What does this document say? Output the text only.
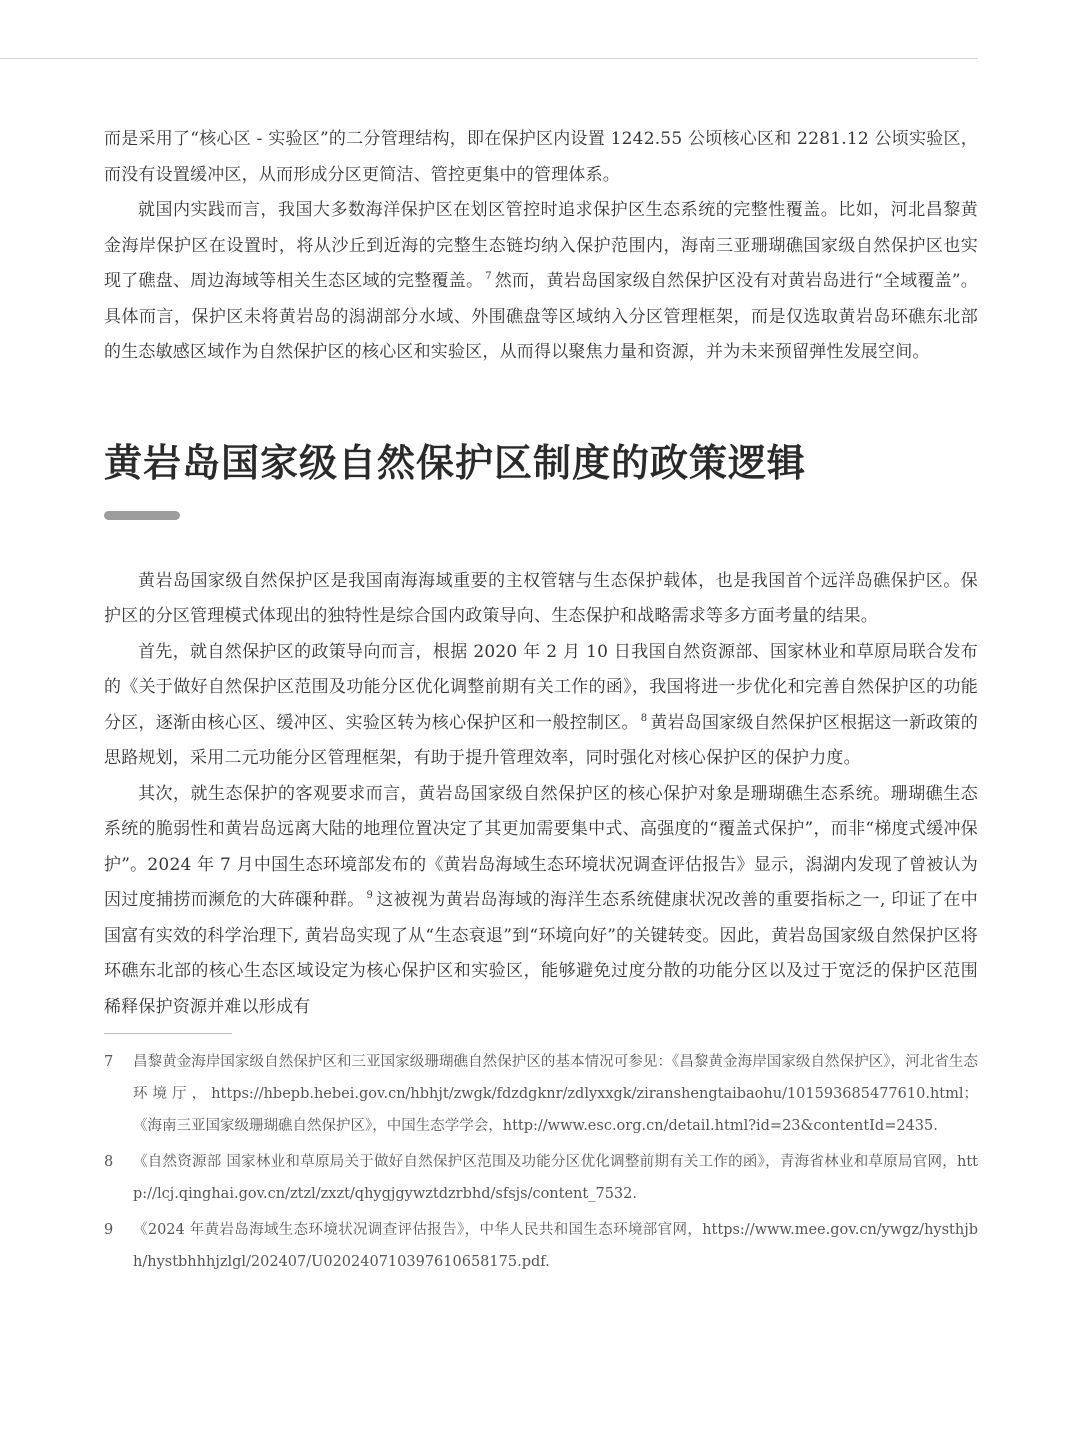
而是采用了“核心区 - 实验区”的二分管理结构，即在保护区内设置 1242.55 公顷核心区和 2281.12 公顷实验区，而没有设置缓冲区，从而形成分区更简洁、管控更集中的管理体系。

就国内实践而言，我国大多数海洋保护区在划区管控时追求保护区生态系统的完整性覆盖。比如，河北昌黎黄金海岸保护区在设置时，将从沙丘到近海的完整生态链均纳入保护范围内，海南三亚珊瑚礁国家级自然保护区也实现了礁盘、周边海域等相关生态区域的完整覆盖。 $^7$ 然而，黄岩岛国家级自然保护区没有对黄岩岛进行“全域覆盖”。具体而言，保护区未将黄岩岛的潟湖部分水域、外围礁盘等区域纳入分区管理框架，而是仅选取黄岩岛环礁东北部的生态敏感区域作为自然保护区的核心区和实验区，从而得以聚焦力量和资源，并为未来预留弹性发展空间。

黄岩岛国家级自然保护区制度的政策逻辑

黄岩岛国家级自然保护区是我国南海海域重要的主权管辖与生态保护载体，也是我国首个远洋岛礁保护区。保护区的分区管理模式体现出的独特性是综合国内政策导向、生态保护和战略需求等多方面考量的结果。

首先，就自然保护区的政策导向而言，根据 2020 年 2 月 10 日我国自然资源部、国家林业和草原局联合发布的《关于做好自然保护区范围及功能分区优化调整前期有关工作的函》，我国将进一步优化和完善自然保护区的功能分区，逐渐由核心区、缓冲区、实验区转为核心保护区和一般控制区。 $^8$ 黄岩岛国家级自然保护区根据这一新政策的思路规划，采用二元功能分区管理框架，有助于提升管理效率，同时强化对核心保护区的保护力度。

其次，就生态保护的客观要求而言，黄岩岛国家级自然保护区的核心保护对象是珊瑚礁生态系统。珊瑚礁生态系统的脆弱性和黄岩岛远离大陆的地理位置决定了其更加需要集中式、高强度的“覆盖式保护”，而非“梯度式缓冲保护”。2024 年 7 月中国生态环境部发布的《黄岩岛海域生态环境状况调查评估报告》显示，潟湖内发现了曾被认为因过度捕捞而濒危的大砗磲种群。 $^9$ 这被视为黄岩岛海域的海洋生态系统健康状况改善的重要指标之一, 印证了在中国富有实效的科学治理下, 黄岩岛实现了从“生态衰退”到“环境向好”的关键转变。因此，黄岩岛国家级自然保护区将环礁东北部的核心生态区域设定为核心保护区和实验区，能够避免过度分散的功能分区以及过于宽泛的保护区范围稀释保护资源并难以形成有

7	昌黎黄金海岸国家级自然保护区和三亚国家级珊瑚礁自然保护区的基本情况可参见：《昌黎黄金海岸国家级自然保护区》，河北省生态环境厅，https://hbepb.hebei.gov.cn/hbhjt/zwgk/fdzdgknr/zdlyxxgk/ziranshengtaibaohu/101593685477610.html；《海南三亚国家级珊瑚礁自然保护区》，中国生态学学会，http://www.esc.org.cn/detail.html?id=23&contentId=2435.
8	《自然资源部 国家林业和草原局关于做好自然保护区范围及功能分区优化调整前期有关工作的函》，青海省林业和草原局官网，http://lcj.qinghai.gov.cn/ztzl/zxzt/qhygjgywztdzrbhd/sfsjs/content_7532.
9	《2024 年黄岩岛海域生态环境状况调查评估报告》，中华人民共和国生态环境部官网，https://www.mee.gov.cn/ywgz/hysthjbh/hystbhhhjzlgl/202407/U020240710397610658175.pdf.
